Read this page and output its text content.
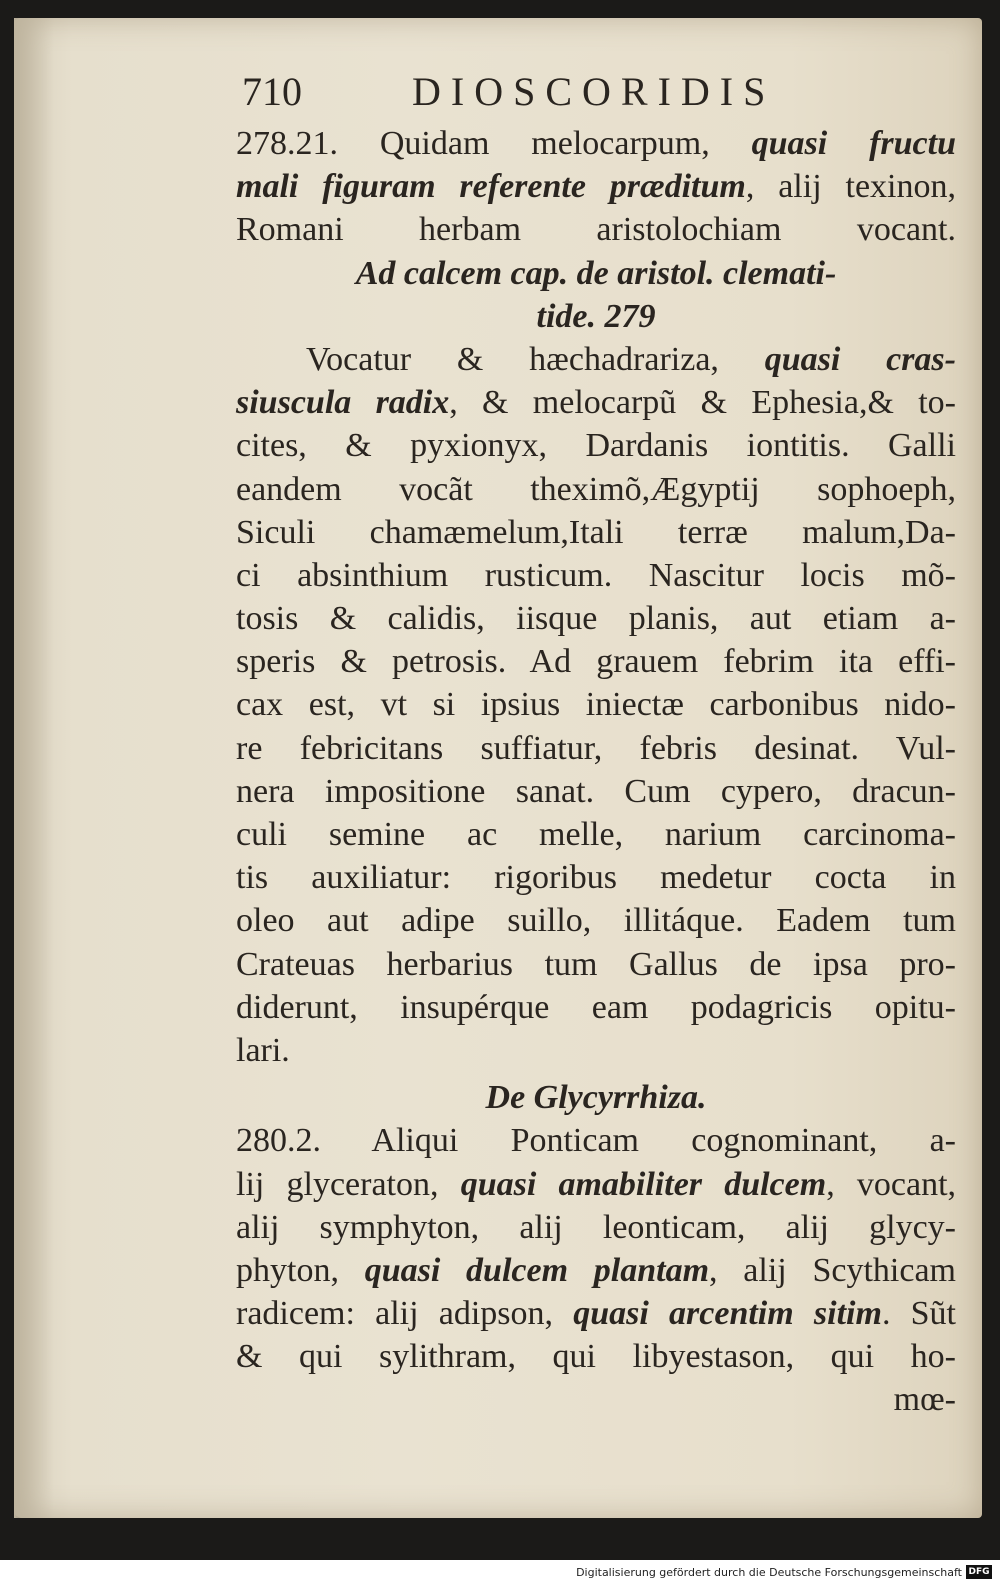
710	DIOSCORIDIS
278.21. Quidam melocarpum, quasi fructu
mali figuram referente præditum, alij texinon,
Romani herbam aristolochiam vocant.
Ad calcem cap. de aristol. clemati-
tide. 279
Vocatur & hæchadrariza, quasi cras-
siuscula radix, & melocarpũ & Ephesia,& to-
cites, & pyxionyx, Dardanis iontitis. Galli
eandem vocãt theximõ,Ægyptij sophoeph,
Siculi chamæmelum,Itali terræ malum,Da-
ci absinthium rusticum. Nascitur locis mõ-
tosis & calidis, iisque planis, aut etiam a-
speris & petrosis. Ad grauem febrim ita effi-
cax est, vt si ipsius iniectæ carbonibus nido-
re febricitans suffiatur, febris desinat. Vul-
nera impositione sanat. Cum cypero, dracun-
culi semine ac melle, narium carcinoma-
tis auxiliatur: rigoribus medetur cocta in
oleo aut adipe suillo, illitáque. Eadem tum
Crateuas herbarius tum Gallus de ipsa pro-
diderunt, insupérque eam podagricis opitu-
lari.
De Glycyrrhiza.
280.2. Aliqui Ponticam cognominant, a-
lij glyceraton, quasi amabiliter dulcem, vocant,
alij symphyton, alij leonticam, alij glycy-
phyton, quasi dulcem plantam, alij Scythicam
radicem: alij adipson, quasi arcentim sitim. Sũt
& qui sylithram, qui libyestason, qui ho-
mœ-
Digitalisierung gefördert durch die Deutsche Forschungsgemeinschaft DFG
